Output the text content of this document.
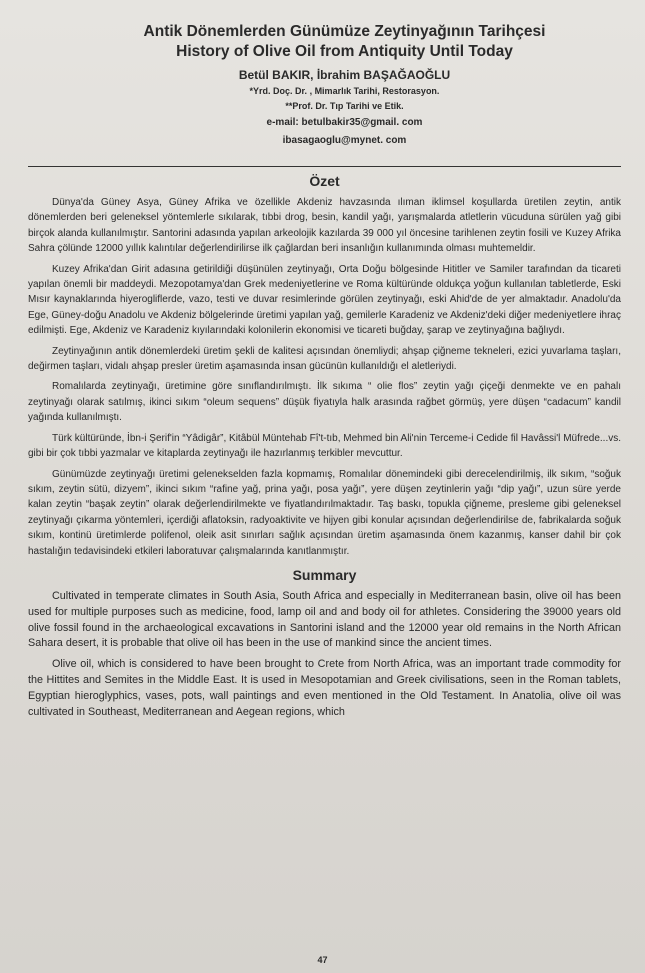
Antik Dönemlerden Günümüze Zeytinyağının Tarihçesi

History of Olive Oil from Antiquity Until Today

Betül BAKIR, İbrahim BAŞAĞAOĞLU

*Yrd. Doç. Dr. , Mimarlık Tarihi, Restorasyon.

**Prof. Dr. Tıp Tarihi ve Etik.

e-mail: betulbakir35@gmail. com

ibasagaoglu@mynet. com

Özet

Dünya'da Güney Asya, Güney Afrika ve özellikle Akdeniz havzasında ılıman iklimsel koşullarda üretilen zeytin, antik dönemlerden beri geleneksel yöntemlerle sıkılarak, tıbbi drog, besin, kandil yağı, yarışmalarda atletlerin vücuduna sürülen yağ gibi birçok alanda kullanılmıştır. Santorini adasında yapılan arkeolojik kazılarda 39 000 yıl öncesine tarihlenen zeytin fosili ve Kuzey Afrika Sahra çölünde 12000 yıllık kalıntılar değerlendirilirse ilk çağlardan beri insanlığın kullanımında olması muhtemeldir.

Kuzey Afrika'dan Girit adasına getirildiği düşünülen zeytinyağı, Orta Doğu bölgesinde Hititler ve Samiler tarafından da ticareti yapılan önemli bir maddeydi. Mezopotamya'dan Grek medeniyetlerine ve Roma kültüründe oldukça yoğun kullanılan tabletlerde, Eski Mısır kaynaklarında hiyerogliflerde, vazo, testi ve duvar resimlerinde görülen zeytinyağı, eski Ahid'de de yer almaktadır. Anadolu'da Ege, Güney-doğu Anadolu ve Akdeniz bölgelerinde üretimi yapılan yağ, gemilerle Karadeniz ve Akdeniz'deki diğer medeniyetlere ihraç edilmişti. Ege, Akdeniz ve Karadeniz kıyılarındaki kolonilerin ekonomisi ve ticareti buğday, şarap ve zeytinyağına bağlıydı.

Zeytinyağının antik dönemlerdeki üretim şekli de kalitesi açısından önemliydi; ahşap çiğneme tekneleri, ezici yuvarlama taşları, değirmen taşları, vidalı ahşap presler üretim aşamasında insan gücünün kullanıldığı el aletleriydi.

Romalılarda zeytinyağı, üretimine göre sınıflandırılmıştı. İlk sıkıma “ olie flos” zeytin yağı çiçeği denmekte ve en pahalı zeytinyağı olarak satılmış, ikinci sıkım “oleum sequens” düşük fiyatıyla halk arasında rağbet görmüş, yere düşen “cadacum” kandil yağında kullanılmıştı.

Türk kültüründe, İbn-i Şerif'in “Yâdigâr”, Kitâbül Müntehab Fî't-tıb, Mehmed bin Ali'nin Terceme-i Cedide fil Havâssi'l Müfrede...vs. gibi bir çok tıbbi yazmalar ve kitaplarda zeytinyağı ile hazırlanmış terkibler mevcuttur.

Günümüzde zeytinyağı üretimi gelenekselden fazla kopmamış, Romalılar dönemindeki gibi derecelendirilmiş, ilk sıkım, “soğuk sıkım, zeytin sütü, dizyem”, ikinci sıkım “rafine yağ, prina yağı, posa yağı”, yere düşen zeytinlerin yağı “dip yağı”, uzun süre yerde kalan zeytin “başak zeytin” olarak değerlendirilmekte ve fiyatlandırılmaktadır. Taş baskı, topukla çiğneme, presleme gibi geleneksel zeytinyağı çıkarma yöntemleri, içerdiği aflatoksin, radyoaktivite ve hijyen gibi konular açısından değerlendirilse de, fabrikalarda soğuk sıkım, kontinü üretimlerde polifenol, oleik asit sınırları sağlık açısından üretim aşamasında önem kazanmış, kanser dahil bir çok hastalığın tedavisindeki etkileri laboratuvar çalışmalarında kanıtlanmıştır.

Summary

Cultivated in temperate climates in South Asia, South Africa and especially in Mediterranean basin, olive oil has been used for multiple purposes such as medicine, food, lamp oil and and body oil for athletes. Considering the 39000 years old olive fossil found in the archaeological excavations in Santorini island and the 12000 year old remains in the North African Sahara desert, it is probable that olive oil has been in the use of mankind since the ancient times.

Olive oil, which is considered to have been brought to Crete from North Africa, was an important trade commodity for the Hittites and Semites in the Middle East. It is used in Mesopotamian and Greek civilisations, seen in the Roman tablets, Egyptian hieroglyphics, vases, pots, wall paintings and even mentioned in the Old Testament. In Anatolia, olive oil was cultivated in Southeast, Mediterranean and Aegean regions, which

47
